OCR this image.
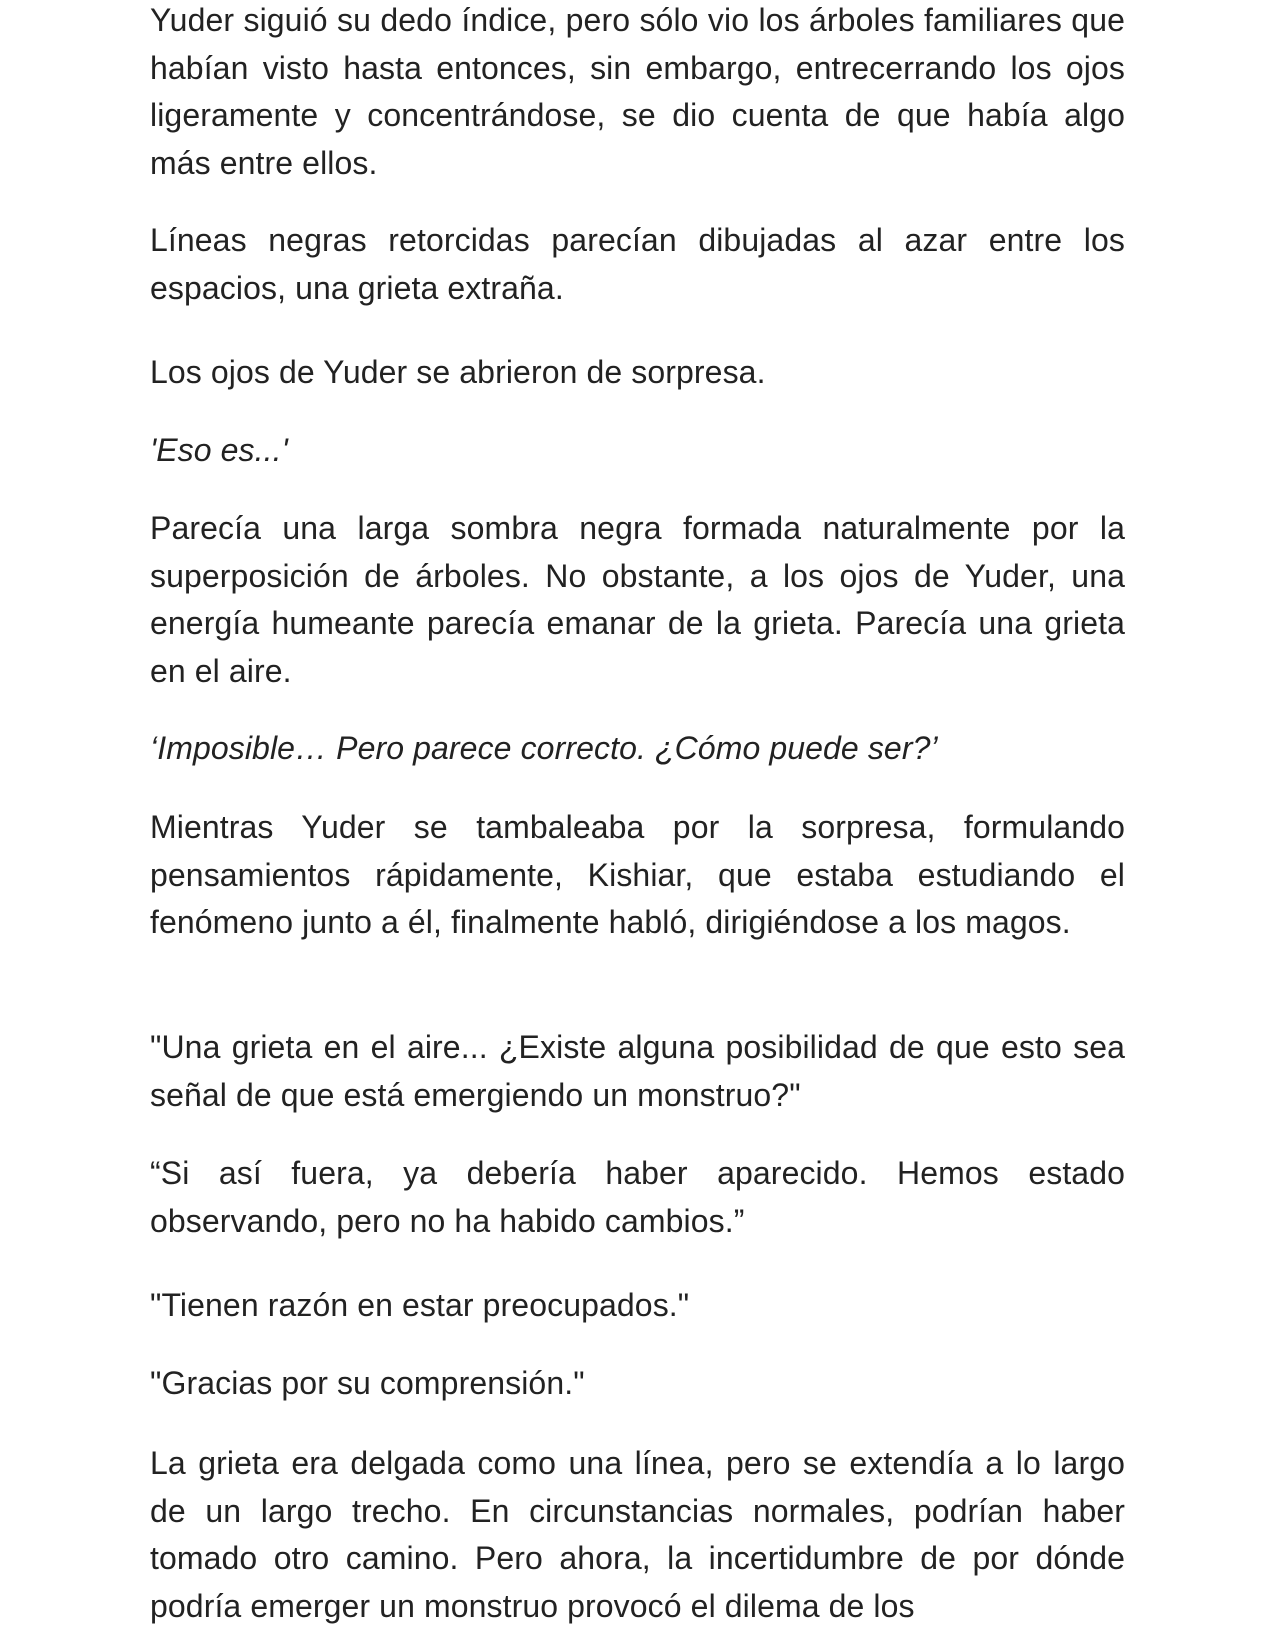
Yuder siguió su dedo índice, pero sólo vio los árboles familiares que habían visto hasta entonces, sin embargo, entrecerrando los ojos ligeramente y concentrándose, se dio cuenta de que había algo más entre ellos.

Líneas negras retorcidas parecían dibujadas al azar entre los espacios, una grieta extraña.

Los ojos de Yuder se abrieron de sorpresa.

'Eso es...'

Parecía una larga sombra negra formada naturalmente por la superposición de árboles. No obstante, a los ojos de Yuder, una energía humeante parecía emanar de la grieta. Parecía una grieta en el aire.

‘Imposible… Pero parece correcto. ¿Cómo puede ser?’

Mientras Yuder se tambaleaba por la sorpresa, formulando pensamientos rápidamente, Kishiar, que estaba estudiando el fenómeno junto a él, finalmente habló, dirigiéndose a los magos.

"Una grieta en el aire... ¿Existe alguna posibilidad de que esto sea señal de que está emergiendo un monstruo?"

“Si así fuera, ya debería haber aparecido. Hemos estado observando, pero no ha habido cambios.”

"Tienen razón en estar preocupados."

"Gracias por su comprensión."

La grieta era delgada como una línea, pero se extendía a lo largo de un largo trecho. En circunstancias normales, podrían haber tomado otro camino. Pero ahora, la incertidumbre de por dónde podría emerger un monstruo provocó el dilema de los
